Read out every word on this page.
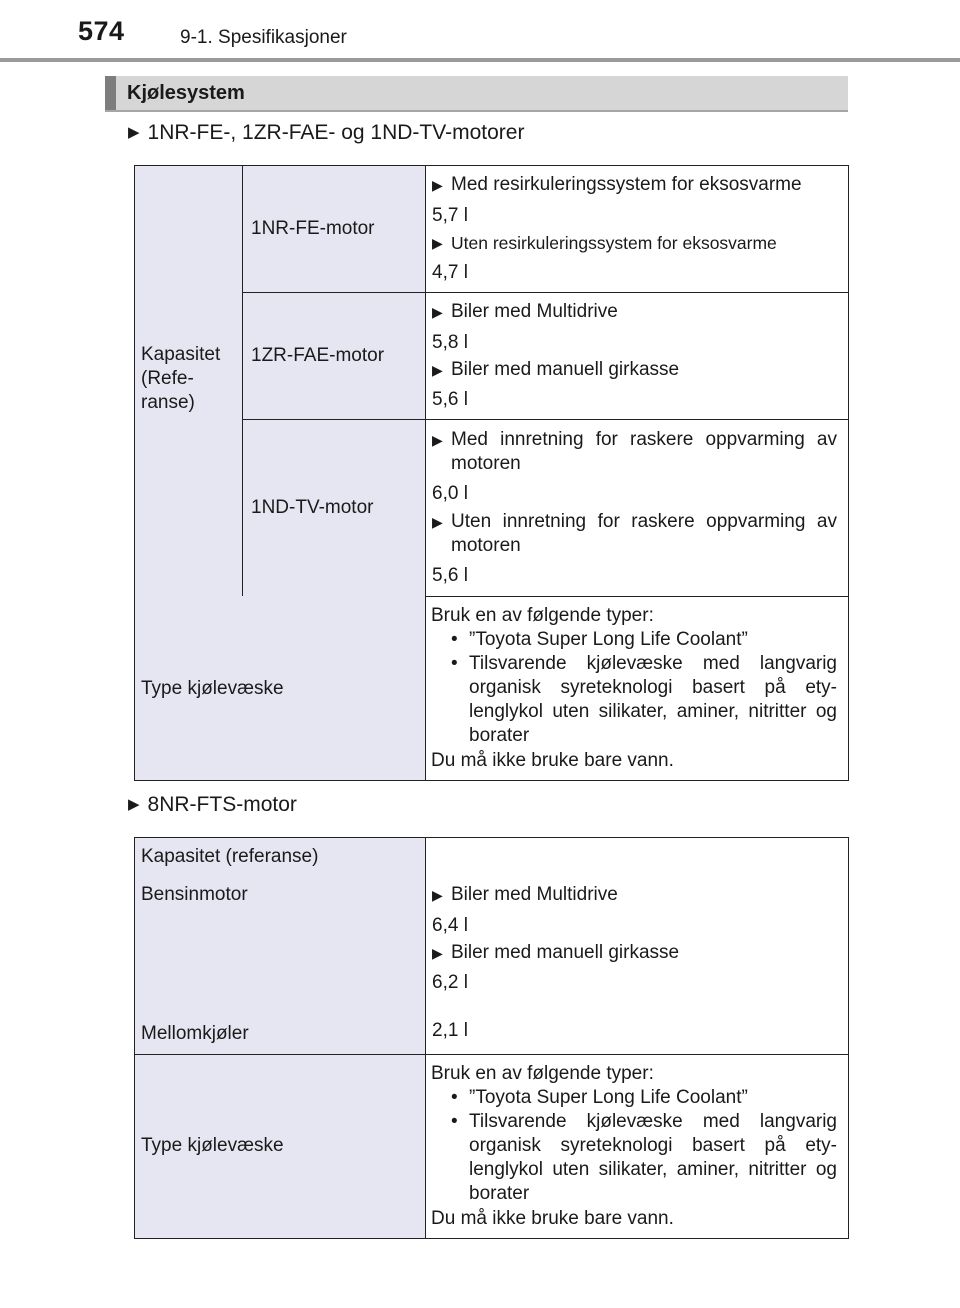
574	9-1. Spesifikasjoner
Kjølesystem
▶ 1NR-FE-, 1ZR-FAE- og 1ND-TV-motorer
Kapasitet
(Refe-
ranse)
1NR-FE-motor
1ZR-FAE-motor
1ND-TV-motor
▶ Med resirkuleringssystem for eksosvarme
5,7 l
▶ Uten resirkuleringssystem for eksosvarme
4,7 l
▶ Biler med Multidrive
5,8 l
▶ Biler med manuell girkasse
5,6 l
▶ Med innretning for raskere oppvarming av motoren
6,0 l
▶ Uten innretning for raskere oppvarming av motoren
5,6 l
Type kjølevæske
Bruk en av følgende typer:
• ”Toyota Super Long Life Coolant”
• Tilsvarende kjølevæske med langvarig organisk syreteknologi basert på ety-lenglykol uten silikater, aminer, nitritter og borater
Du må ikke bruke bare vann.
▶ 8NR-FTS-motor
Kapasitet (referanse)
Bensinmotor
Mellomkjøler
▶ Biler med Multidrive
6,4 l
▶ Biler med manuell girkasse
6,2 l
2,1 l
Type kjølevæske
Bruk en av følgende typer:
• ”Toyota Super Long Life Coolant”
• Tilsvarende kjølevæske med langvarig organisk syreteknologi basert på ety-lenglykol uten silikater, aminer, nitritter og borater
Du må ikke bruke bare vann.
